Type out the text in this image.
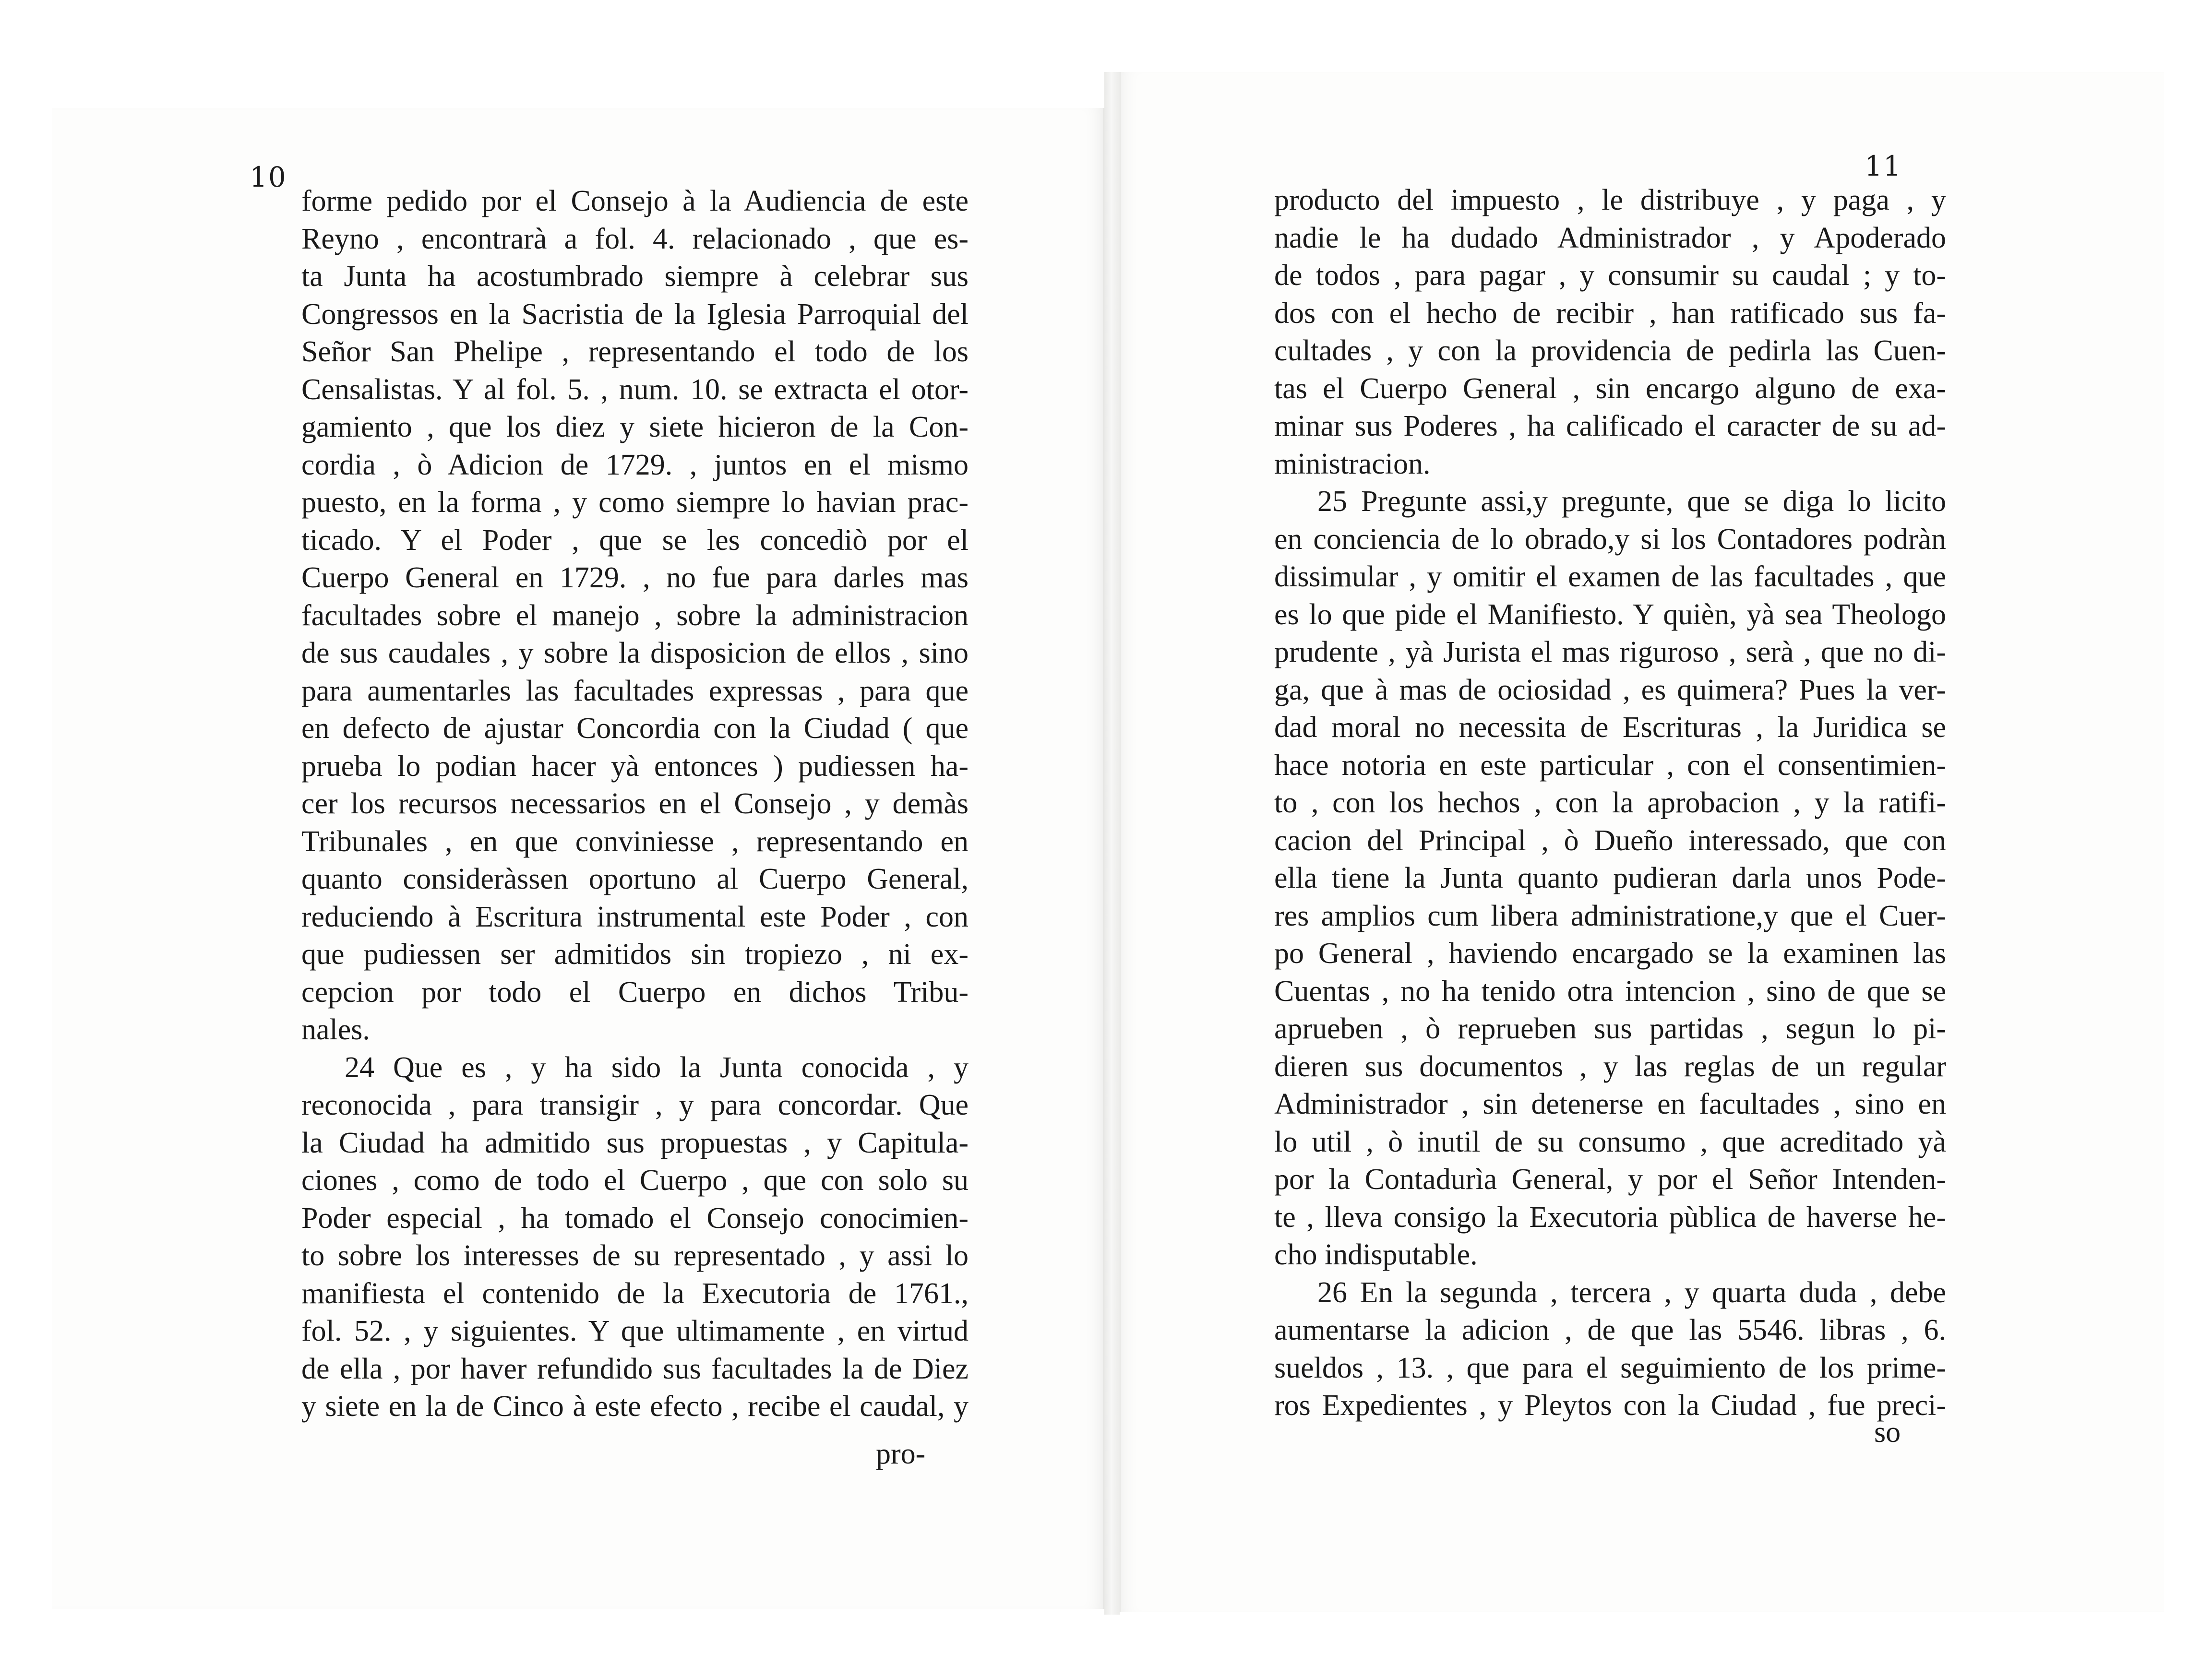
10	11
forme pedido por el Consejo à la Audiencia de este
Reyno , encontrarà a fol. 4. relacionado , que es-
ta Junta ha acostumbrado siempre à celebrar sus
Congressos en la Sacristia de la Iglesia Parroquial del
Señor San Phelipe , representando el todo de los
Censalistas. Y al fol. 5. , num. 10. se extracta el otor-
gamiento , que los diez y siete hicieron de la Con-
cordia , ò Adicion de 1729. , juntos en el mismo
puesto, en la forma , y como siempre lo havian prac-
ticado. Y el Poder , que se les concediò por el
Cuerpo General en 1729. , no fue para darles mas
facultades sobre el manejo , sobre la administracion
de sus caudales , y sobre la disposicion de ellos , sino
para aumentarles las facultades expressas , para que
en defecto de ajustar Concordia con la Ciudad ( que
prueba lo podian hacer yà entonces ) pudiessen ha-
cer los recursos necessarios en el Consejo , y demàs
Tribunales , en que conviniesse , representando en
quanto consideràssen oportuno al Cuerpo General,
reduciendo à Escritura instrumental este Poder , con
que pudiessen ser admitidos sin tropiezo , ni ex-
cepcion por todo el Cuerpo en dichos Tribu-
nales.
24 Que es , y ha sido la Junta conocida , y
reconocida , para transigir , y para concordar. Que
la Ciudad ha admitido sus propuestas , y Capitula-
ciones , como de todo el Cuerpo , que con solo su
Poder especial , ha tomado el Consejo conocimien-
to sobre los interesses de su representado , y assi lo
manifiesta el contenido de la Executoria de 1761.,
fol. 52. , y siguientes. Y que ultimamente , en virtud
de ella , por haver refundido sus facultades la de Diez
y siete en la de Cinco à este efecto , recibe el caudal, y
producto del impuesto , le distribuye , y paga , y
nadie le ha dudado Administrador , y Apoderado
de todos , para pagar , y consumir su caudal ; y to-
dos con el hecho de recibir , han ratificado sus fa-
cultades , y con la providencia de pedirla las Cuen-
tas el Cuerpo General , sin encargo alguno de exa-
minar sus Poderes , ha calificado el caracter de su ad-
ministracion.
25 Pregunte assi,y pregunte, que se diga lo licito
en conciencia de lo obrado,y si los Contadores podràn
dissimular , y omitir el examen de las facultades , que
es lo que pide el Manifiesto. Y quièn, yà sea Theologo
prudente , yà Jurista el mas riguroso , serà , que no di-
ga, que à mas de ociosidad , es quimera? Pues la ver-
dad moral no necessita de Escrituras , la Juridica se
hace notoria en este particular , con el consentimien-
to , con los hechos , con la aprobacion , y la ratifi-
cacion del Principal , ò Dueño interessado, que con
ella tiene la Junta quanto pudieran darla unos Pode-
res amplios cum libera administratione,y que el Cuer-
po General , haviendo encargado se la examinen las
Cuentas , no ha tenido otra intencion , sino de que se
aprueben , ò reprueben sus partidas , segun lo pi-
dieren sus documentos , y las reglas de un regular
Administrador , sin detenerse en facultades , sino en
lo util , ò inutil de su consumo , que acreditado yà
por la Contadurìa General, y por el Señor Intenden-
te , lleva consigo la Executoria pùblica de haverse he-
cho indisputable.
26 En la segunda , tercera , y quarta duda , debe
aumentarse la adicion , de que las 5546. libras , 6.
sueldos , 13. , que para el seguimiento de los prime-
ros Expedientes , y Pleytos con la Ciudad , fue preci-
pro-
so
